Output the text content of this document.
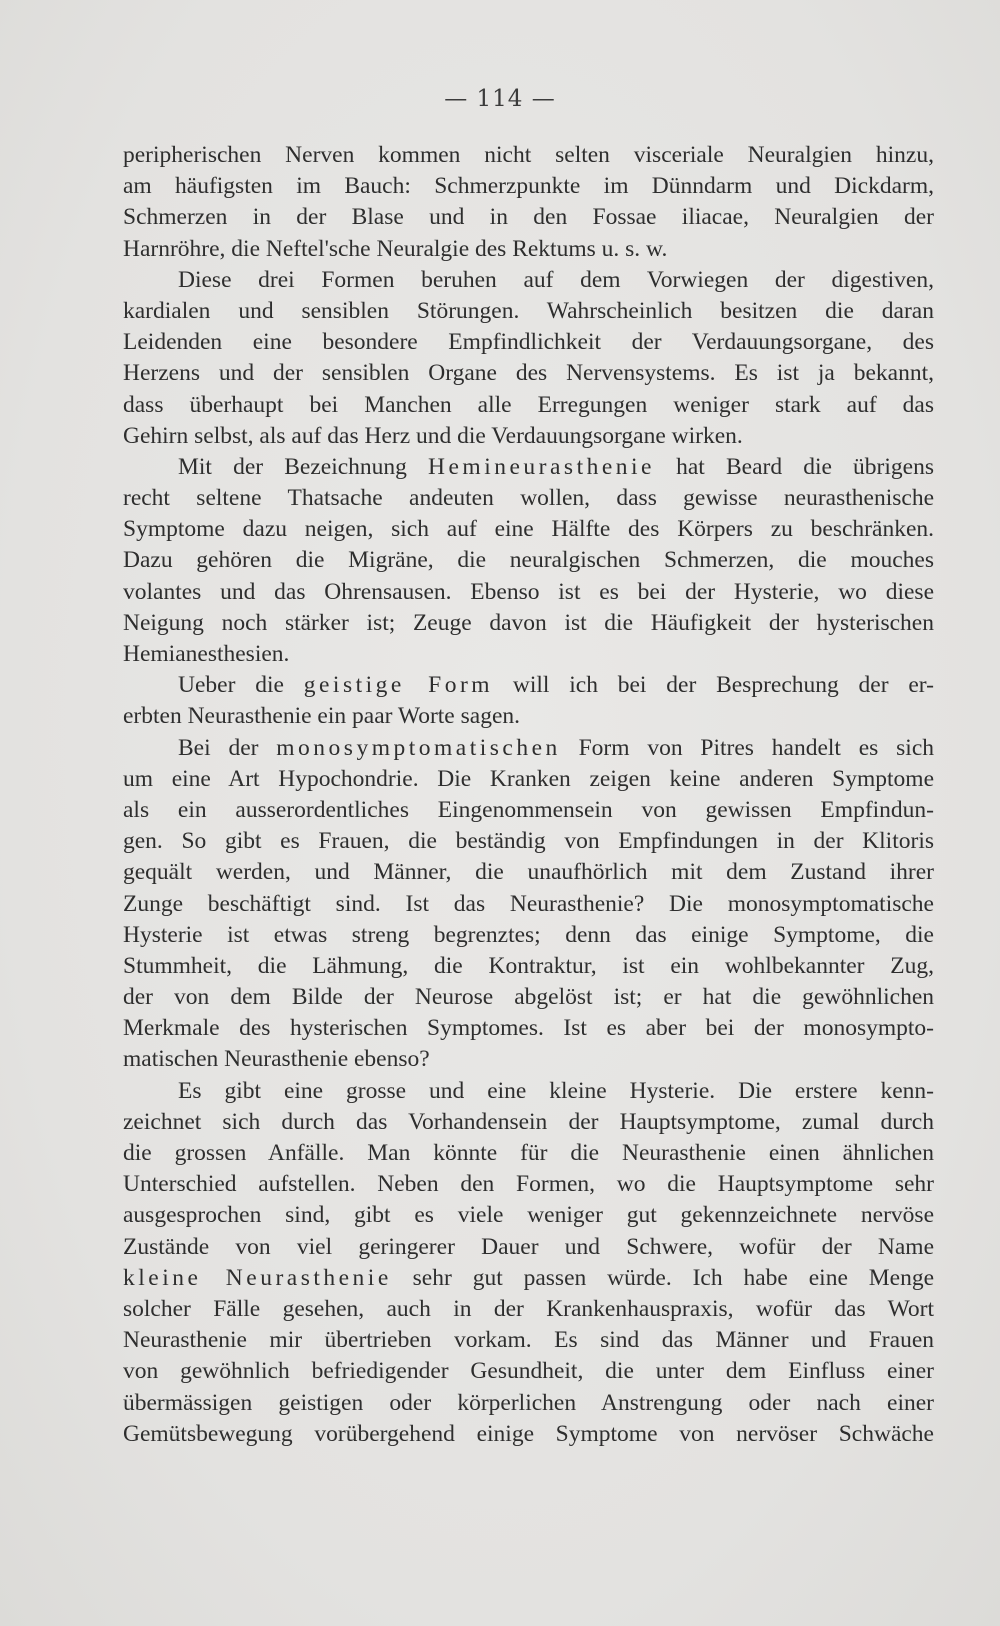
— 114 —
peripherischen Nerven kommen nicht selten visceriale Neuralgien hinzu,
am häufigsten im Bauch: Schmerzpunkte im Dünndarm und Dickdarm,
Schmerzen in der Blase und in den Fossae iliacae, Neuralgien der
Harnröhre, die Neftel'sche Neuralgie des Rektums u. s. w.
Diese drei Formen beruhen auf dem Vorwiegen der digestiven,
kardialen und sensiblen Störungen. Wahrscheinlich besitzen die daran
Leidenden eine besondere Empfindlichkeit der Verdauungsorgane, des
Herzens und der sensiblen Organe des Nervensystems. Es ist ja bekannt,
dass überhaupt bei Manchen alle Erregungen weniger stark auf das
Gehirn selbst, als auf das Herz und die Verdauungsorgane wirken.
Mit der Bezeichnung Hemineurasthenie hat Beard die übrigens
recht seltene Thatsache andeuten wollen, dass gewisse neurasthenische
Symptome dazu neigen, sich auf eine Hälfte des Körpers zu beschränken.
Dazu gehören die Migräne, die neuralgischen Schmerzen, die mouches
volantes und das Ohrensausen. Ebenso ist es bei der Hysterie, wo diese
Neigung noch stärker ist; Zeuge davon ist die Häufigkeit der hysterischen
Hemianesthesien.
Ueber die geistige Form will ich bei der Besprechung der er-
erbten Neurasthenie ein paar Worte sagen.
Bei der monosymptomatischen Form von Pitres handelt es sich
um eine Art Hypochondrie. Die Kranken zeigen keine anderen Symptome
als ein ausserordentliches Eingenommensein von gewissen Empfindun-
gen. So gibt es Frauen, die beständig von Empfindungen in der Klitoris
gequält werden, und Männer, die unaufhörlich mit dem Zustand ihrer
Zunge beschäftigt sind. Ist das Neurasthenie? Die monosymptomatische
Hysterie ist etwas streng begrenztes; denn das einige Symptome, die
Stummheit, die Lähmung, die Kontraktur, ist ein wohlbekannter Zug,
der von dem Bilde der Neurose abgelöst ist; er hat die gewöhnlichen
Merkmale des hysterischen Symptomes. Ist es aber bei der monosympto-
matischen Neurasthenie ebenso?
Es gibt eine grosse und eine kleine Hysterie. Die erstere kenn-
zeichnet sich durch das Vorhandensein der Hauptsymptome, zumal durch
die grossen Anfälle. Man könnte für die Neurasthenie einen ähnlichen
Unterschied aufstellen. Neben den Formen, wo die Hauptsymptome sehr
ausgesprochen sind, gibt es viele weniger gut gekennzeichnete nervöse
Zustände von viel geringerer Dauer und Schwere, wofür der Name
kleine Neurasthenie sehr gut passen würde. Ich habe eine Menge
solcher Fälle gesehen, auch in der Krankenhauspraxis, wofür das Wort
Neurasthenie mir übertrieben vorkam. Es sind das Männer und Frauen
von gewöhnlich befriedigender Gesundheit, die unter dem Einfluss einer
übermässigen geistigen oder körperlichen Anstrengung oder nach einer
Gemütsbewegung vorübergehend einige Symptome von nervöser Schwäche
